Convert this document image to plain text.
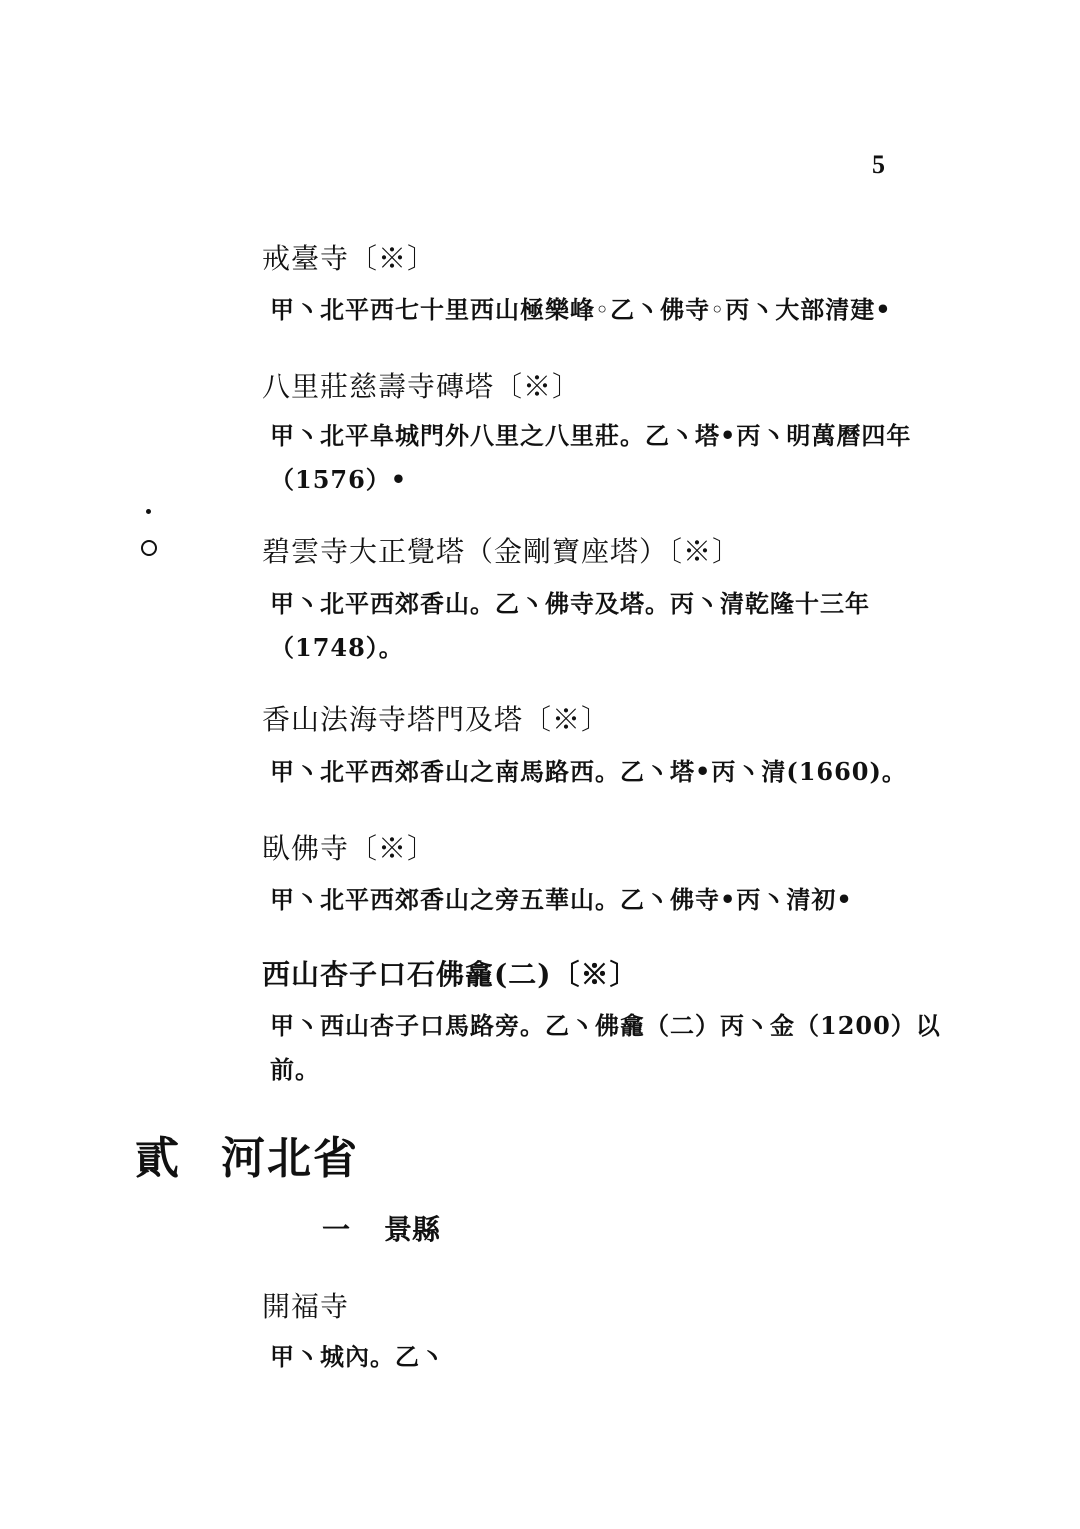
5
戒臺寺〔※〕
甲丶北平西七十里西山極樂峰◦乙丶佛寺◦丙丶大部清建•
八里莊慈壽寺磚塔〔※〕
甲丶北平阜城門外八里之八里莊。乙丶塔•丙丶明萬曆四年（1576）•
碧雲寺大正覺塔（金剛寶座塔）〔※〕
甲丶北平西郊香山。乙丶佛寺及塔。丙丶清乾隆十三年（1748）。
香山法海寺塔門及塔〔※〕
甲丶北平西郊香山之南馬路西。乙丶塔•丙丶清(1660)。
臥佛寺〔※〕
甲丶北平西郊香山之旁五華山。乙丶佛寺•丙丶清初•
西山杏子口石佛龕(二)〔※〕
甲丶西山杏子口馬路旁。乙丶佛龕（二）丙丶金（1200）以前。
貳 河北省
一 景縣
開福寺
甲丶城內。乙丶
